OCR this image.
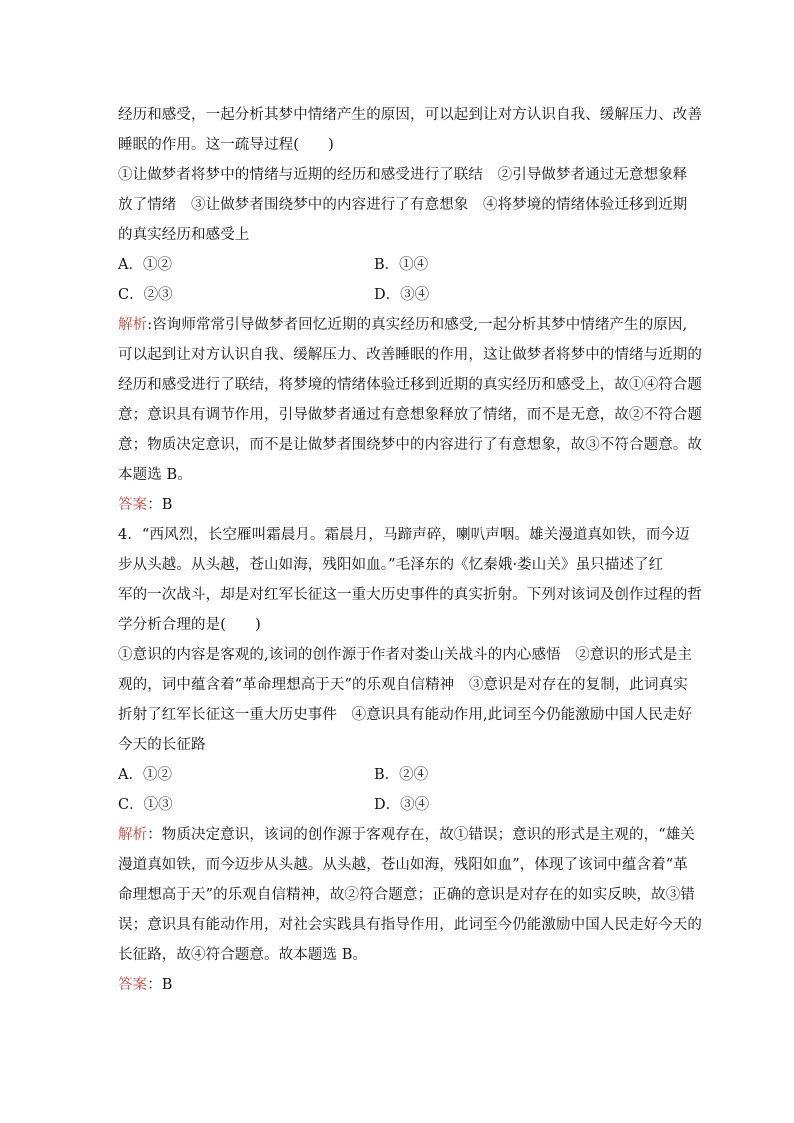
经历和感受，一起分析其梦中情绪产生的原因，可以起到让对方认识自我、缓解压力、改善
睡眠的作用。这一疏导过程(　　)
①让做梦者将梦中的情绪与近期的经历和感受进行了联结　②引导做梦者通过无意想象释
放了情绪　③让做梦者围绕梦中的内容进行了有意想象　④将梦境的情绪体验迁移到近期
的真实经历和感受上
A．①②	B．①④
C．②③	D．③④
解析:咨询师常常引导做梦者回忆近期的真实经历和感受,一起分析其梦中情绪产生的原因,
可以起到让对方认识自我、缓解压力、改善睡眠的作用，这让做梦者将梦中的情绪与近期的
经历和感受进行了联结，将梦境的情绪体验迁移到近期的真实经历和感受上，故①④符合题
意；意识具有调节作用，引导做梦者通过有意想象释放了情绪，而不是无意，故②不符合题
意；物质决定意识，而不是让做梦者围绕梦中的内容进行了有意想象，故③不符合题意。故
本题选 B。
答案：B
4．“西风烈，长空雁叫霜晨月。霜晨月，马蹄声碎，喇叭声咽。雄关漫道真如铁，而今迈
步从头越。从头越，苍山如海，残阳如血。”毛泽东的《忆秦娥·娄山关》虽只描述了红
军的一次战斗，却是对红军长征这一重大历史事件的真实折射。下列对该词及创作过程的哲
学分析合理的是(　　)
①意识的内容是客观的,该词的创作源于作者对娄山关战斗的内心感悟　②意识的形式是主
观的，词中蕴含着“革命理想高于天”的乐观自信精神　③意识是对存在的复制，此词真实
折射了红军长征这一重大历史事件　④意识具有能动作用,此词至今仍能激励中国人民走好
今天的长征路
A．①②	B．②④
C．①③	D．③④
解析：物质决定意识，该词的创作源于客观存在，故①错误；意识的形式是主观的，“雄关
漫道真如铁，而今迈步从头越。从头越，苍山如海，残阳如血”，体现了该词中蕴含着“革
命理想高于天”的乐观自信精神，故②符合题意；正确的意识是对存在的如实反映，故③错
误；意识具有能动作用，对社会实践具有指导作用，此词至今仍能激励中国人民走好今天的
长征路，故④符合题意。故本题选 B。
答案：B
